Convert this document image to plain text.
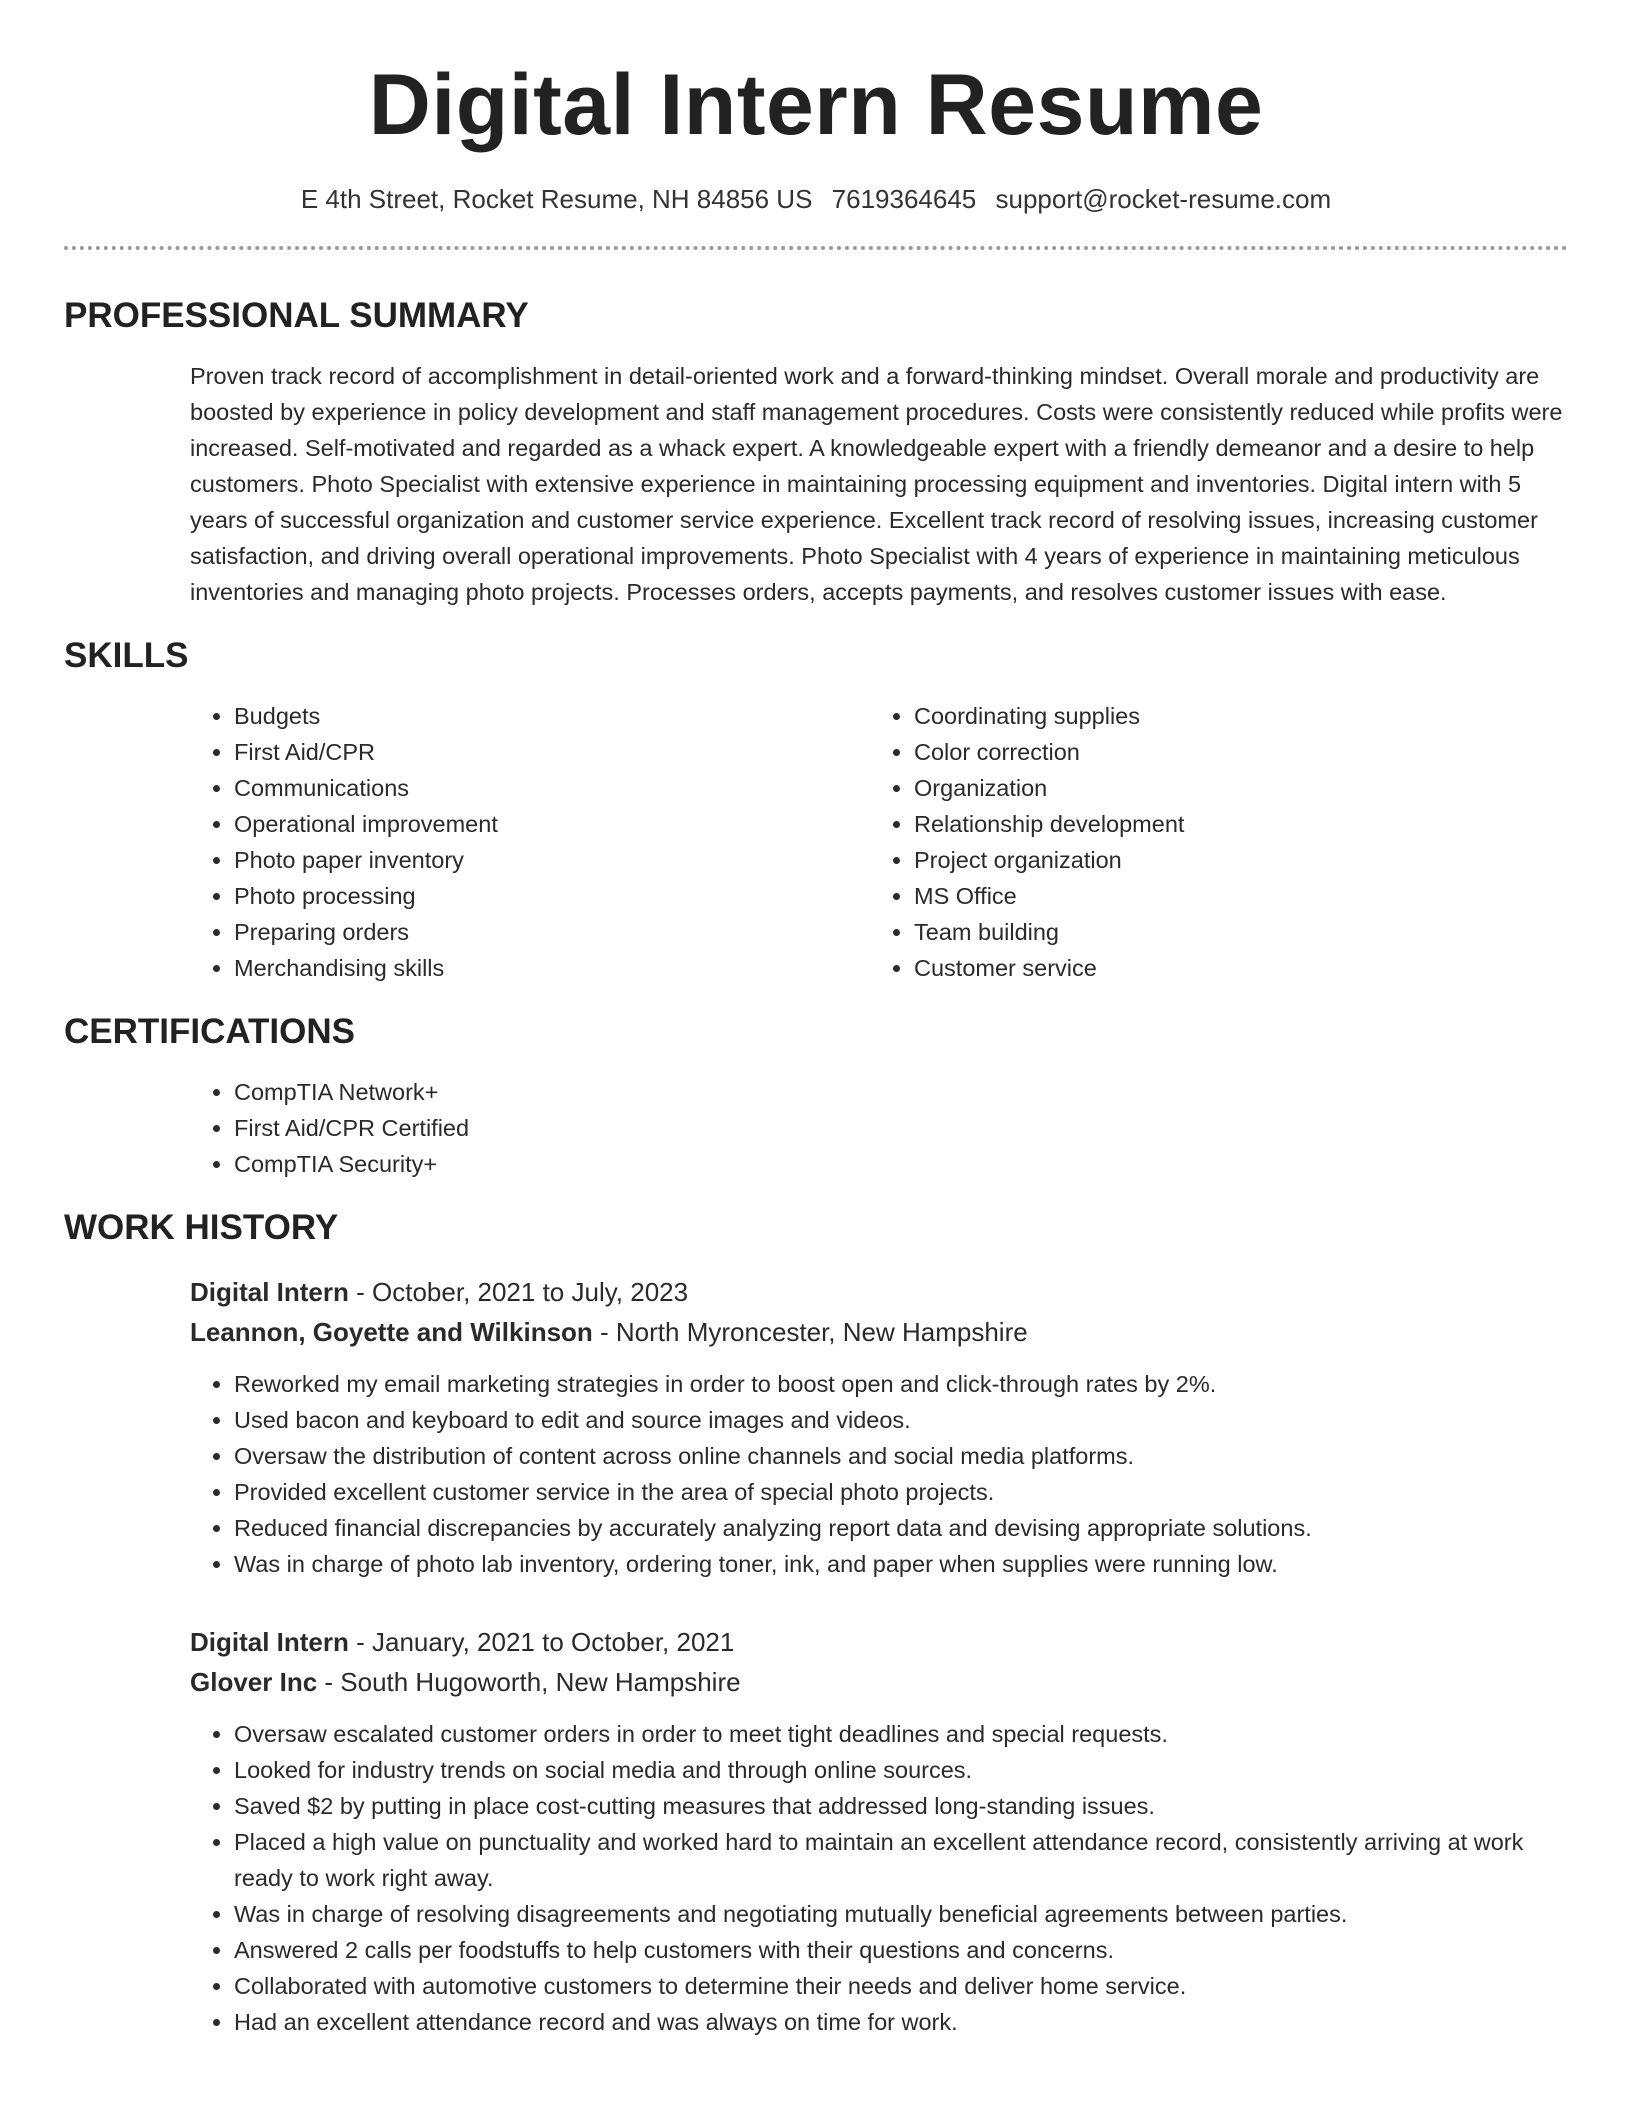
Digital Intern Resume
E 4th Street, Rocket Resume, NH 84856 US 7619364645 support@rocket-resume.com
PROFESSIONAL SUMMARY

Proven track record of accomplishment in detail-oriented work and a forward-thinking mindset. Overall morale and productivity are boosted by experience in policy development and staff management procedures. Costs were consistently reduced while profits were increased. Self-motivated and regarded as a whack expert. A knowledgeable expert with a friendly demeanor and a desire to help customers. Photo Specialist with extensive experience in maintaining processing equipment and inventories. Digital intern with 5 years of successful organization and customer service experience. Excellent track record of resolving issues, increasing customer satisfaction, and driving overall operational improvements. Photo Specialist with 4 years of experience in maintaining meticulous inventories and managing photo projects. Processes orders, accepts payments, and resolves customer issues with ease.

SKILLS
• Budgets
• First Aid/CPR
• Communications
• Operational improvement
• Photo paper inventory
• Photo processing
• Preparing orders
• Merchandising skills
• Coordinating supplies
• Color correction
• Organization
• Relationship development
• Project organization
• MS Office
• Team building
• Customer service
CERTIFICATIONS
• CompTIA Network+
• First Aid/CPR Certified
• CompTIA Security+
WORK HISTORY
Digital Intern - October, 2021 to July, 2023
Leannon, Goyette and Wilkinson - North Myroncester, New Hampshire
• Reworked my email marketing strategies in order to boost open and click-through rates by 2%.
• Used bacon and keyboard to edit and source images and videos.
• Oversaw the distribution of content across online channels and social media platforms.
• Provided excellent customer service in the area of special photo projects.
• Reduced financial discrepancies by accurately analyzing report data and devising appropriate solutions.
• Was in charge of photo lab inventory, ordering toner, ink, and paper when supplies were running low.
Digital Intern - January, 2021 to October, 2021
Glover Inc - South Hugoworth, New Hampshire
• Oversaw escalated customer orders in order to meet tight deadlines and special requests.
• Looked for industry trends on social media and through online sources.
• Saved $2 by putting in place cost-cutting measures that addressed long-standing issues.
• Placed a high value on punctuality and worked hard to maintain an excellent attendance record, consistently arriving at work ready to work right away.
• Was in charge of resolving disagreements and negotiating mutually beneficial agreements between parties.
• Answered 2 calls per foodstuffs to help customers with their questions and concerns.
• Collaborated with automotive customers to determine their needs and deliver home service.
• Had an excellent attendance record and was always on time for work.
